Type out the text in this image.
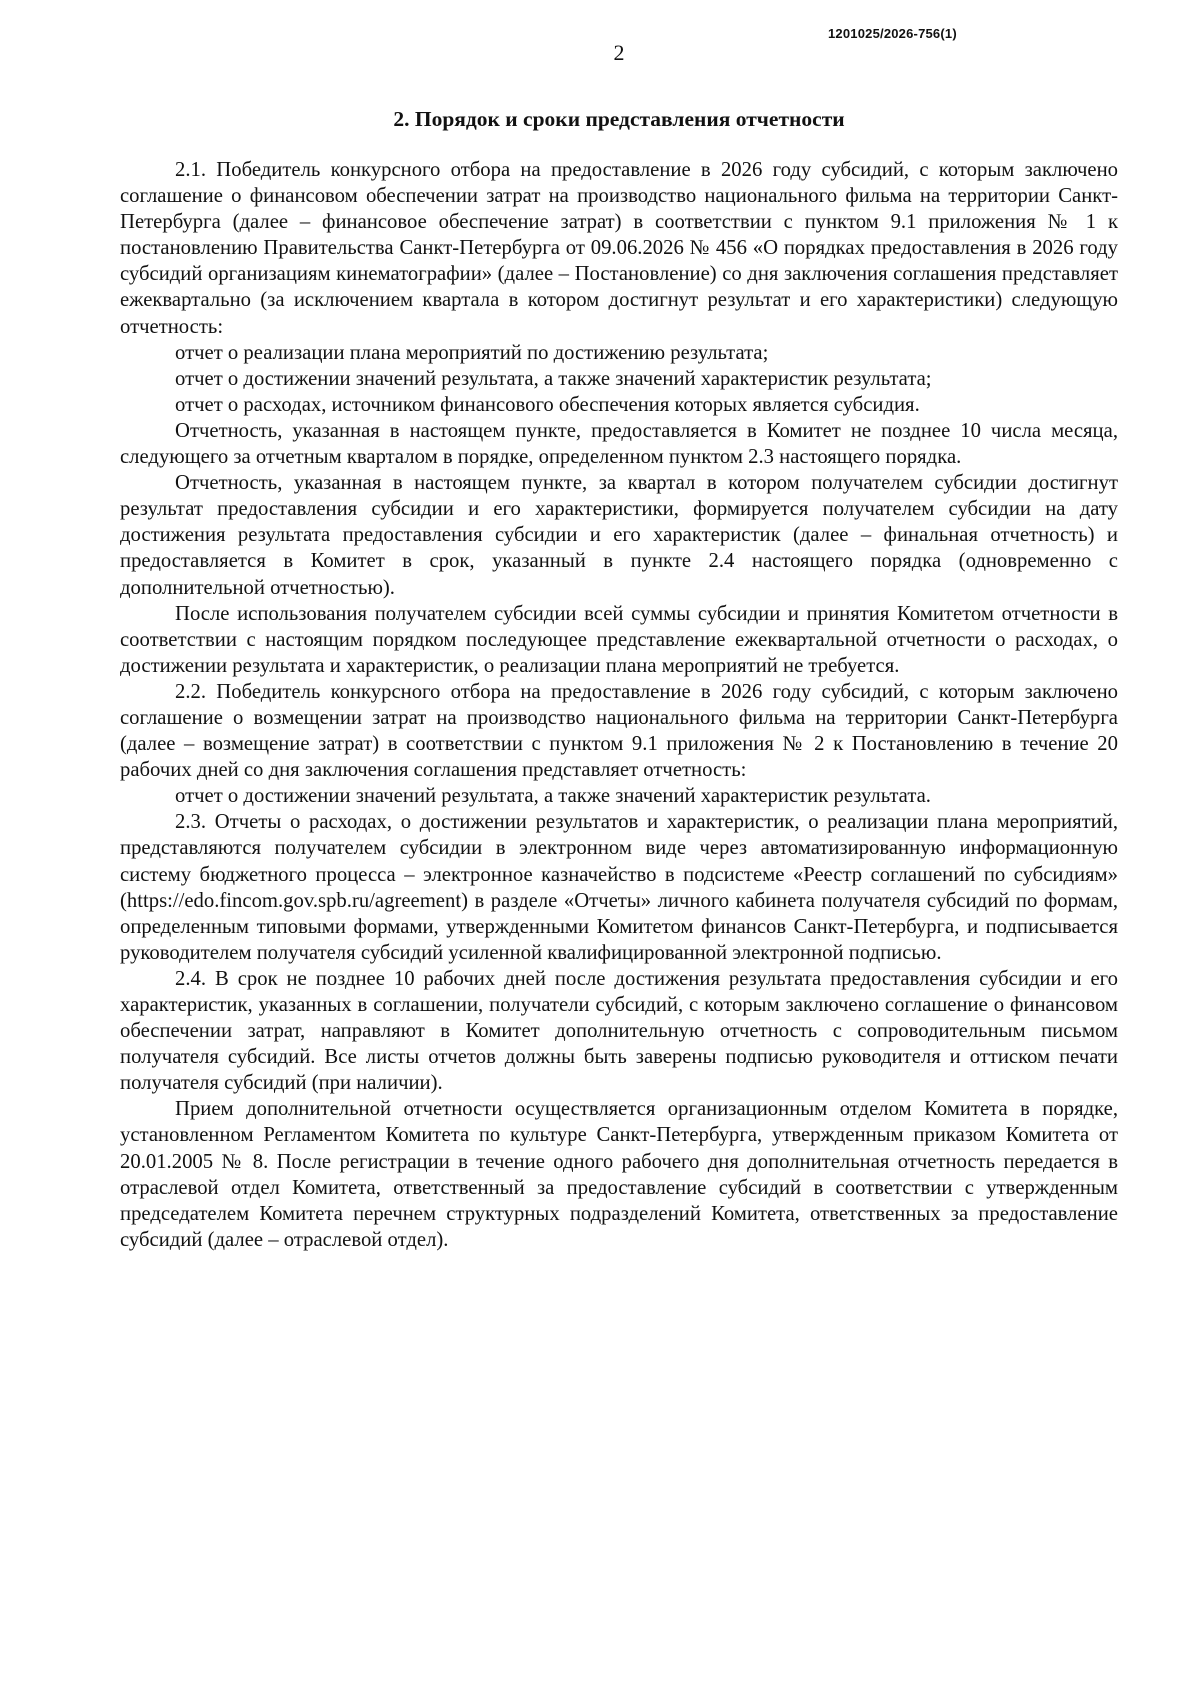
1201025/2026-756(1)
2
2. Порядок и сроки представления отчетности

2.1. Победитель конкурсного отбора на предоставление в 2026 году субсидий, с которым заключено соглашение о финансовом обеспечении затрат на производство национального фильма на территории Санкт-Петербурга (далее – финансовое обеспечение затрат) в соответствии с пунктом 9.1 приложения № 1 к постановлению Правительства Санкт-Петербурга от 09.06.2026 № 456 «О порядках предоставления в 2026 году субсидий организациям кинематографии» (далее – Постановление) со дня заключения соглашения представляет ежеквартально (за исключением квартала в котором достигнут результат и его характеристики) следующую отчетность:

отчет о реализации плана мероприятий по достижению результата;

отчет о достижении значений результата, а также значений характеристик результата;

отчет о расходах, источником финансового обеспечения которых является субсидия.

Отчетность, указанная в настоящем пункте, предоставляется в Комитет не позднее 10 числа месяца, следующего за отчетным кварталом в порядке, определенном пунктом 2.3 настоящего порядка.

Отчетность, указанная в настоящем пункте, за квартал в котором получателем субсидии достигнут результат предоставления субсидии и его характеристики, формируется получателем субсидии на дату достижения результата предоставления субсидии и его характеристик (далее – финальная отчетность) и предоставляется в Комитет в срок, указанный в пункте 2.4 настоящего порядка (одновременно с дополнительной отчетностью).

После использования получателем субсидии всей суммы субсидии и принятия Комитетом отчетности в соответствии с настоящим порядком последующее представление ежеквартальной отчетности о расходах, о достижении результата и характеристик, о реализации плана мероприятий не требуется.

2.2. Победитель конкурсного отбора на предоставление в 2026 году субсидий, с которым заключено соглашение о возмещении затрат на производство национального фильма на территории Санкт-Петербурга (далее – возмещение затрат) в соответствии с пунктом 9.1 приложения № 2 к Постановлению в течение 20 рабочих дней со дня заключения соглашения представляет отчетность:

отчет о достижении значений результата, а также значений характеристик результата.

2.3. Отчеты о расходах, о достижении результатов и характеристик, о реализации плана мероприятий, представляются получателем субсидии в электронном виде через автоматизированную информационную систему бюджетного процесса – электронное казначейство в подсистеме «Реестр соглашений по субсидиям» (https://edo.fincom.gov.spb.ru/agreement) в разделе «Отчеты» личного кабинета получателя субсидий по формам, определенным типовыми формами, утвержденными Комитетом финансов Санкт-Петербурга, и подписывается руководителем получателя субсидий усиленной квалифицированной электронной подписью.

2.4. В срок не позднее 10 рабочих дней после достижения результата предоставления субсидии и его характеристик, указанных в соглашении, получатели субсидий, с которым заключено соглашение о финансовом обеспечении затрат, направляют в Комитет дополнительную отчетность с сопроводительным письмом получателя субсидий. Все листы отчетов должны быть заверены подписью руководителя и оттиском печати получателя субсидий (при наличии).

Прием дополнительной отчетности осуществляется организационным отделом Комитета в порядке, установленном Регламентом Комитета по культуре Санкт-Петербурга, утвержденным приказом Комитета от 20.01.2005 № 8. После регистрации в течение одного рабочего дня дополнительная отчетность передается в отраслевой отдел Комитета, ответственный за предоставление субсидий в соответствии с утвержденным председателем Комитета перечнем структурных подразделений Комитета, ответственных за предоставление субсидий (далее – отраслевой отдел).
